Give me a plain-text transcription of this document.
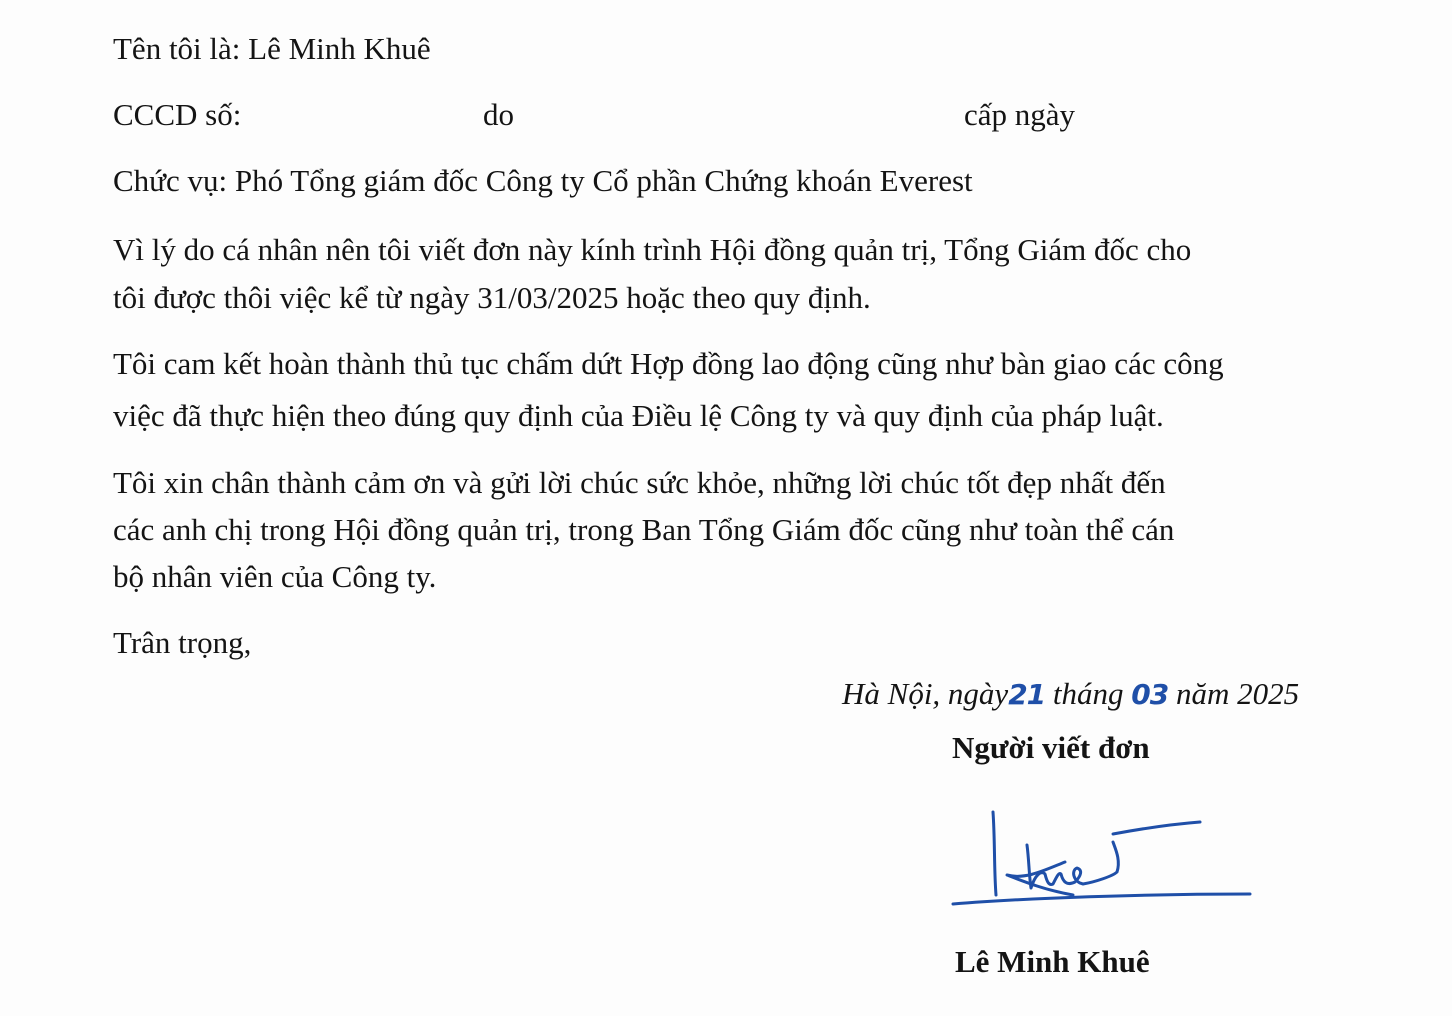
Tên tôi là: Lê Minh Khuê
CCCD số:	do	cấp ngày
Chức vụ: Phó Tổng giám đốc Công ty Cổ phần Chứng khoán Everest
Vì lý do cá nhân nên tôi viết đơn này kính trình Hội đồng quản trị, Tổng Giám đốc cho
tôi được thôi việc kể từ ngày 31/03/2025 hoặc theo quy định.
Tôi cam kết hoàn thành thủ tục chấm dứt Hợp đồng lao động cũng như bàn giao các công
việc đã thực hiện theo đúng quy định của Điều lệ Công ty và quy định của pháp luật.
Tôi xin chân thành cảm ơn và gửi lời chúc sức khỏe, những lời chúc tốt đẹp nhất đến
các anh chị trong Hội đồng quản trị, trong Ban Tổng Giám đốc cũng như toàn thể cán
bộ nhân viên của Công ty.
Trân trọng,
Hà Nội, ngày21 tháng 03 năm 2025
Người viết đơn
Lê Minh Khuê
